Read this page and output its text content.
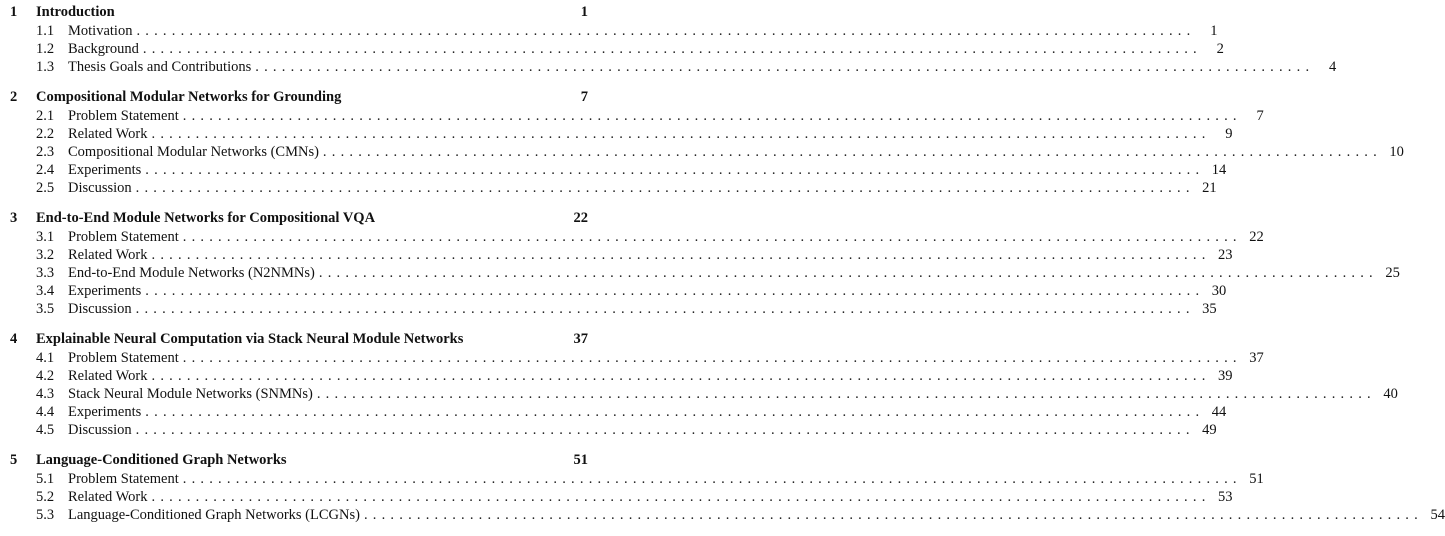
1	Introduction	1
1.1 Motivation ........................................................................................................................	1
1.2 Background ........................................................................................................................	2
1.3 Thesis Goals and Contributions ........................................................................................................................	4
2	Compositional Modular Networks for Grounding	7
2.1 Problem Statement ........................................................................................................................	7
2.2 Related Work ........................................................................................................................	9
2.3 Compositional Modular Networks (CMNs) ........................................................................................................................ 10
2.4 Experiments ........................................................................................................................ 14
2.5 Discussion ........................................................................................................................ 21
3	End-to-End Module Networks for Compositional VQA	22
3.1 Problem Statement ........................................................................................................................ 22
3.2 Related Work ........................................................................................................................ 23
3.3 End-to-End Module Networks (N2NMNs) ........................................................................................................................ 25
3.4 Experiments ........................................................................................................................ 30
3.5 Discussion ........................................................................................................................ 35
4	Explainable Neural Computation via Stack Neural Module Networks	37
4.1 Problem Statement ........................................................................................................................ 37
4.2 Related Work ........................................................................................................................ 39
4.3 Stack Neural Module Networks (SNMNs) ........................................................................................................................ 40
4.4 Experiments ........................................................................................................................ 44
4.5 Discussion ........................................................................................................................ 49
5	Language-Conditioned Graph Networks	51
5.1 Problem Statement ........................................................................................................................ 51
5.2 Related Work ........................................................................................................................ 53
5.3 Language-Conditioned Graph Networks (LCGNs) ........................................................................................................................ 54
